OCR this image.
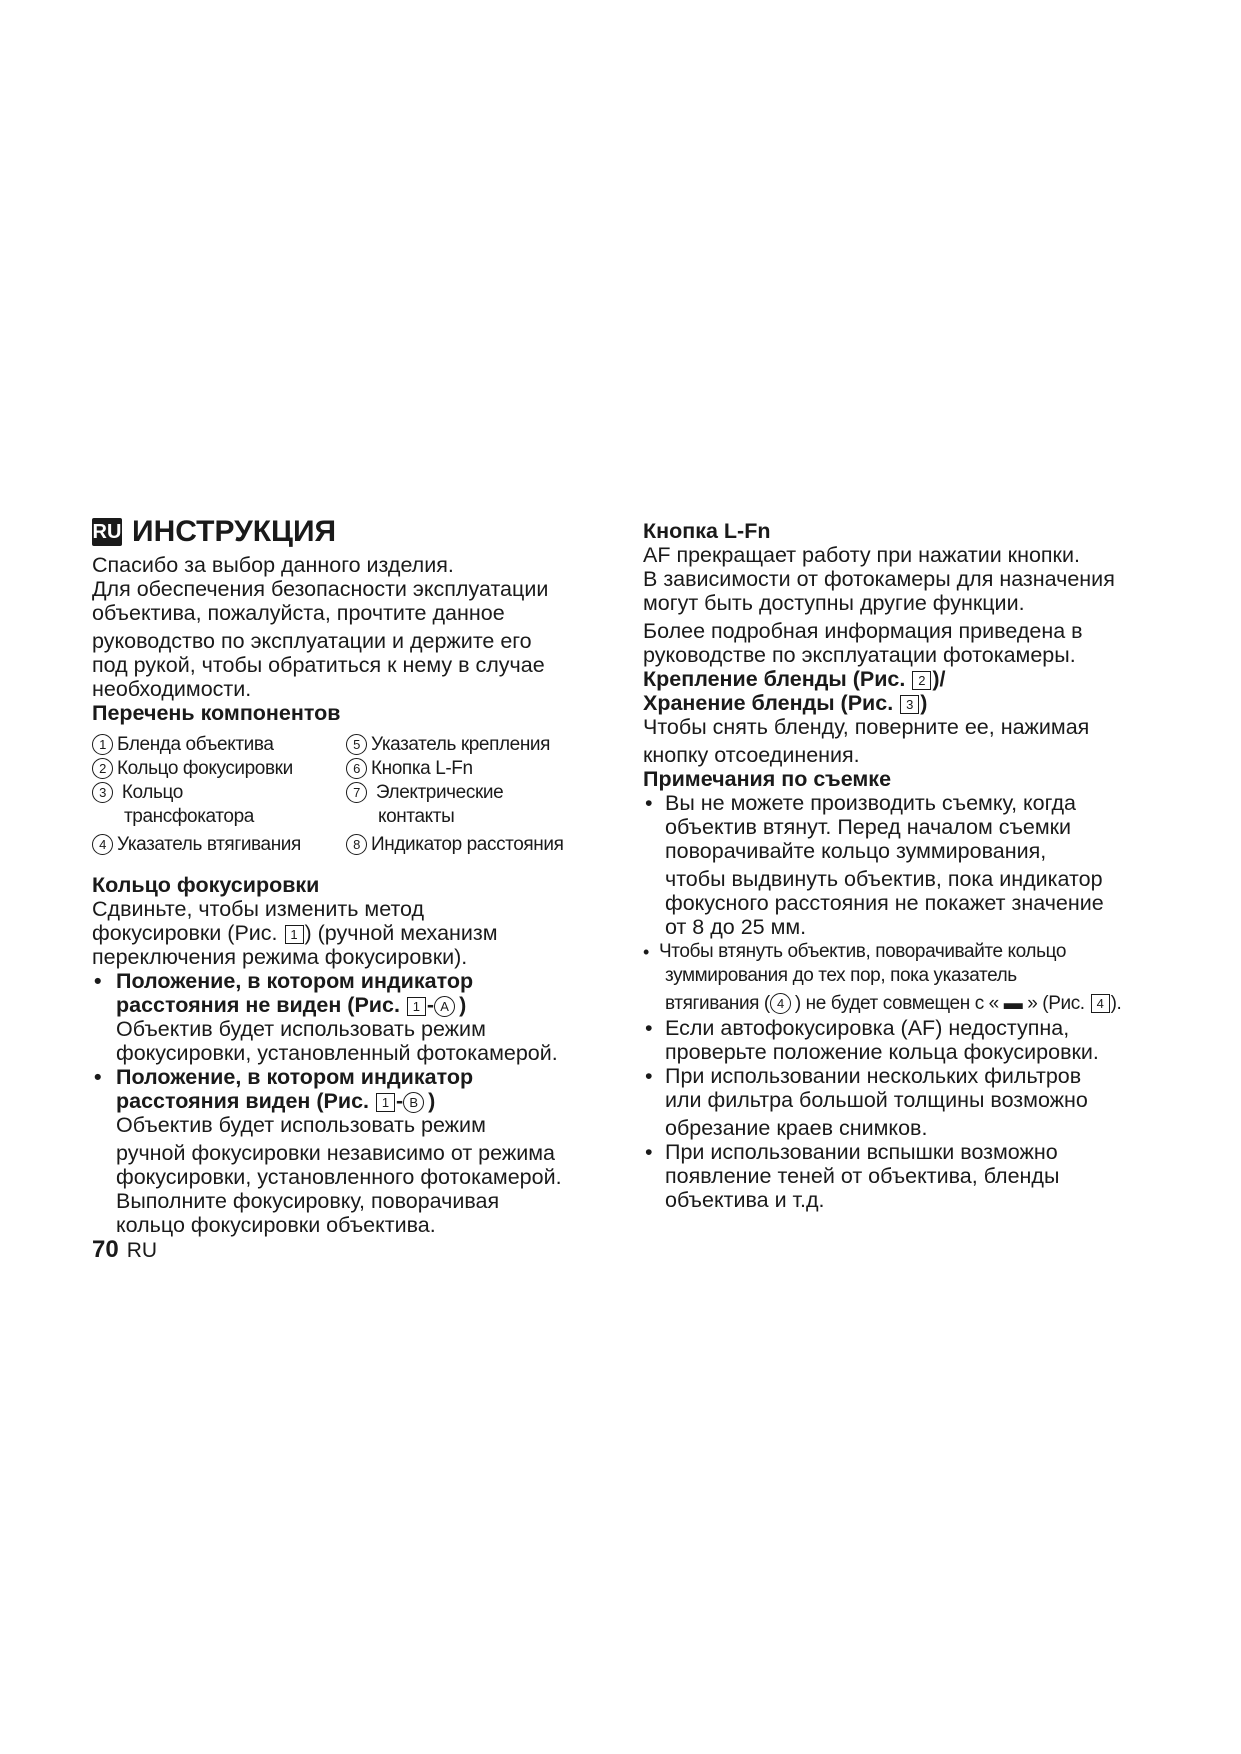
RU ИНСТРУКЦИЯ
Спасибо за выбор данного изделия.
Для обеспечения безопасности эксплуатации
объектива, пожалуйста, прочтите данное
руководство по эксплуатации и держите его
под рукой, чтобы обратиться к нему в случае
необходимости.
Перечень компонентов
1 Бленда объектива
2 Кольцо фокусировки
3 Кольцо
трансфокатора
4 Указатель втягивания
5 Указатель крепления
6 Кнопка L-Fn
7 Электрические
контакты
8 Индикатор расстояния
Кольцо фокусировки
Сдвиньте, чтобы изменить метод
фокусировки (Рис. 1 ) (ручной механизм
переключения режима фокусировки).
• Положение, в котором индикатор
расстояния не виден (Рис. 1 - A )
Объектив будет использовать режим
фокусировки, установленный фотокамерой.
• Положение, в котором индикатор
расстояния виден (Рис. 1 - B )
Объектив будет использовать режим
ручной фокусировки независимо от режима
фокусировки, установленного фотокамерой.
Выполните фокусировку, поворачивая
кольцо фокусировки объектива.
70 RU
Кнопка L-Fn
AF прекращает работу при нажатии кнопки.
В зависимости от фотокамеры для назначения
могут быть доступны другие функции.
Более подробная информация приведена в
руководстве по эксплуатации фотокамеры.
Крепление бленды (Рис. 2 )/
Хранение бленды (Рис. 3 )
Чтобы снять бленду, поверните ее, нажимая
кнопку отсоединения.
Примечания по съемке
• Вы не можете производить съемку, когда
объектив втянут. Перед началом съемки
поворачивайте кольцо зуммирования,
чтобы выдвинуть объектив, пока индикатор
фокусного расстояния не покажет значение
от 8 до 25 мм.
• Чтобы втянуть объектив, поворачивайте кольцо
зуммирования до тех пор, пока указатель
втягивания ( 4 ) не будет совмещен с « ▬ » (Рис. 4 ).
• Если автофокусировка (AF) недоступна,
проверьте положение кольца фокусировки.
• При использовании нескольких фильтров
или фильтра большой толщины возможно
обрезание краев снимков.
• При использовании вспышки возможно
появление теней от объектива, бленды
объектива и т.д.
